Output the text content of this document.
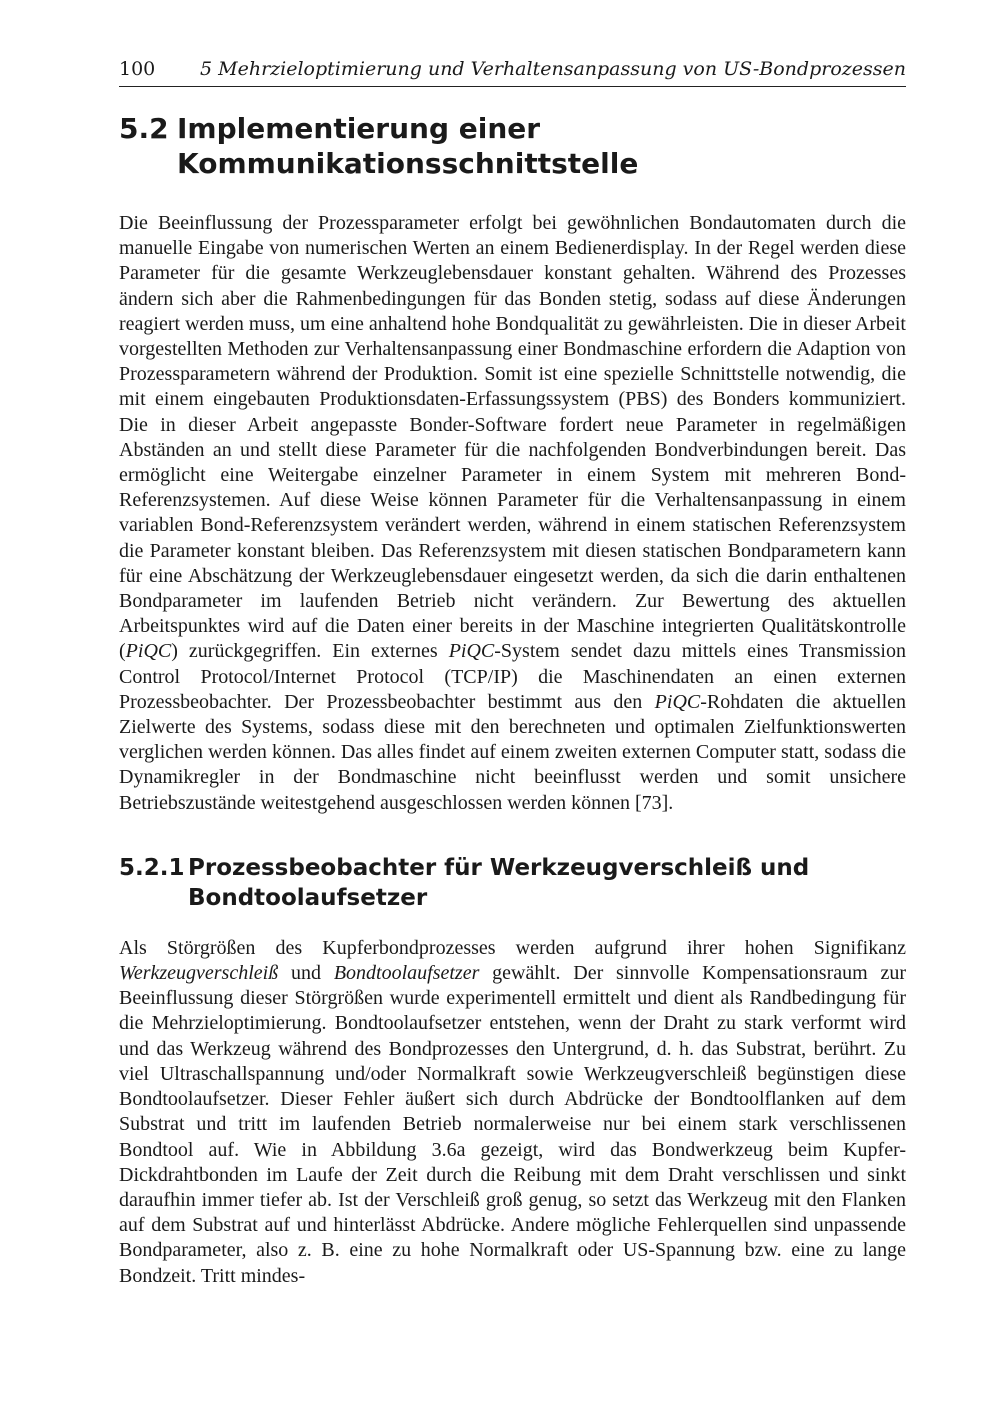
100 5 Mehrzieloptimierung und Verhaltensanpassung von US-Bondprozessen
5.2 Implementierung einer Kommunikationsschnittstelle

Die Beeinflussung der Prozessparameter erfolgt bei gewöhnlichen Bondautomaten durch die manuelle Eingabe von numerischen Werten an einem Bedienerdisplay. In der Regel werden diese Parameter für die gesamte Werkzeuglebensdauer konstant gehalten. Während des Prozesses ändern sich aber die Rahmenbedingungen für das Bonden stetig, sodass auf diese Änderungen reagiert werden muss, um eine anhaltend hohe Bondqualität zu gewährleisten. Die in dieser Arbeit vorgestellten Methoden zur Verhaltensanpassung einer Bondmaschine erfordern die Adaption von Prozessparametern während der Produktion. Somit ist eine spezielle Schnittstelle notwendig, die mit einem eingebauten Produktionsdaten-Erfassungssystem (PBS) des Bonders kommuniziert. Die in dieser Arbeit angepasste Bonder-Software fordert neue Parameter in regelmäßigen Abständen an und stellt diese Parameter für die nachfolgenden Bondverbindungen bereit. Das ermöglicht eine Weitergabe einzelner Parameter in einem System mit mehreren Bond-Referenzsystemen. Auf diese Weise können Parameter für die Verhaltensanpassung in einem variablen Bond-Referenzsystem verändert werden, während in einem statischen Referenzsystem die Parameter konstant bleiben. Das Referenzsystem mit diesen statischen Bondparametern kann für eine Abschätzung der Werkzeuglebensdauer eingesetzt werden, da sich die darin enthaltenen Bondparameter im laufenden Betrieb nicht verändern. Zur Bewertung des aktuellen Arbeitspunktes wird auf die Daten einer bereits in der Maschine integrierten Qualitätskontrolle (PiQC) zurückgegriffen. Ein externes PiQC-System sendet dazu mittels eines Transmission Control Protocol/Internet Protocol (TCP/IP) die Maschinendaten an einen externen Prozessbeobachter. Der Prozessbeobachter bestimmt aus den PiQC-Rohdaten die aktuellen Zielwerte des Systems, sodass diese mit den berechneten und optimalen Zielfunktionswerten verglichen werden können. Das alles findet auf einem zweiten externen Computer statt, sodass die Dynamikregler in der Bondmaschine nicht beeinflusst werden und somit unsichere Betriebszustände weitestgehend ausgeschlossen werden können [73].

5.2.1 Prozessbeobachter für Werkzeugverschleiß und Bondtoolaufsetzer

Als Störgrößen des Kupferbondprozesses werden aufgrund ihrer hohen Signifikanz Werkzeugverschleiß und Bondtoolaufsetzer gewählt. Der sinnvolle Kompensationsraum zur Beeinflussung dieser Störgrößen wurde experimentell ermittelt und dient als Randbedingung für die Mehrzieloptimierung. Bondtoolaufsetzer entstehen, wenn der Draht zu stark verformt wird und das Werkzeug während des Bondprozesses den Untergrund, d. h. das Substrat, berührt. Zu viel Ultraschallspannung und/oder Normalkraft sowie Werkzeugverschleiß begünstigen diese Bondtoolaufsetzer. Dieser Fehler äußert sich durch Abdrücke der Bondtoolflanken auf dem Substrat und tritt im laufenden Betrieb normalerweise nur bei einem stark verschlissenen Bondtool auf. Wie in Abbildung 3.6a gezeigt, wird das Bondwerkzeug beim Kupfer-Dickdrahtbonden im Laufe der Zeit durch die Reibung mit dem Draht verschlissen und sinkt daraufhin immer tiefer ab. Ist der Verschleiß groß genug, so setzt das Werkzeug mit den Flanken auf dem Substrat auf und hinterlässt Abdrücke. Andere mögliche Fehlerquellen sind unpassende Bondparameter, also z. B. eine zu hohe Normalkraft oder US-Spannung bzw. eine zu lange Bondzeit. Tritt mindes-
